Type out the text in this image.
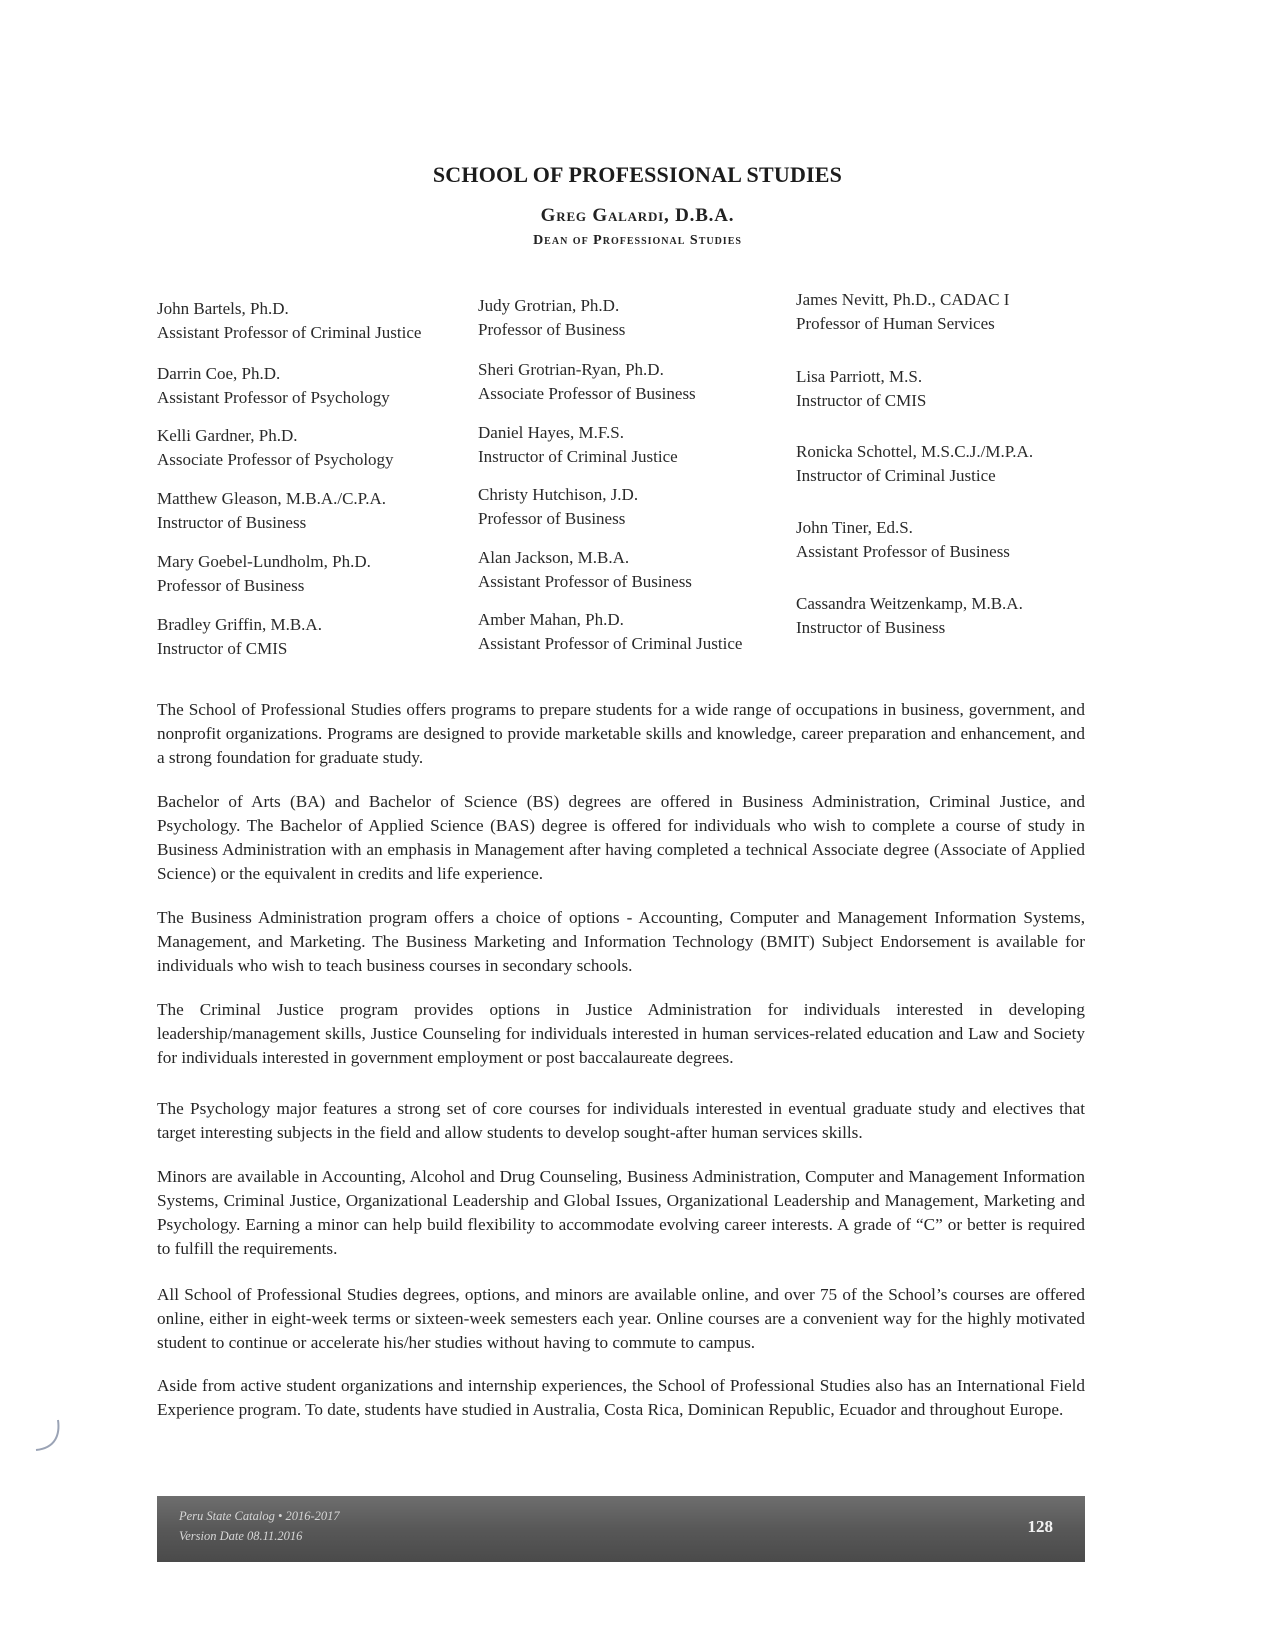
SCHOOL OF PROFESSIONAL STUDIES
Greg Galardi, D.B.A.
Dean of Professional Studies
John Bartels, Ph.D.
Assistant Professor of Criminal Justice
Darrin Coe, Ph.D.
Assistant Professor of Psychology
Kelli Gardner, Ph.D.
Associate Professor of Psychology
Matthew Gleason, M.B.A./C.P.A.
Instructor of Business
Mary Goebel-Lundholm, Ph.D.
Professor of Business
Bradley Griffin, M.B.A.
Instructor of CMIS
Judy Grotrian, Ph.D.
Professor of Business
Sheri Grotrian-Ryan, Ph.D.
Associate Professor of Business
Daniel Hayes, M.F.S.
Instructor of Criminal Justice
Christy Hutchison, J.D.
Professor of Business
Alan Jackson, M.B.A.
Assistant Professor of Business
Amber Mahan, Ph.D.
Assistant Professor of Criminal Justice
James Nevitt, Ph.D., CADAC I
Professor of Human Services
Lisa Parriott, M.S.
Instructor of CMIS
Ronicka Schottel, M.S.C.J./M.P.A.
Instructor of Criminal Justice
John Tiner, Ed.S.
Assistant Professor of Business
Cassandra Weitzenkamp, M.B.A.
Instructor of Business

The School of Professional Studies offers programs to prepare students for a wide range of occupations in business, government, and nonprofit organizations. Programs are designed to provide marketable skills and knowledge, career preparation and enhancement, and a strong foundation for graduate study.

Bachelor of Arts (BA) and Bachelor of Science (BS) degrees are offered in Business Administration, Criminal Justice, and Psychology. The Bachelor of Applied Science (BAS) degree is offered for individuals who wish to complete a course of study in Business Administration with an emphasis in Management after having completed a technical Associate degree (Associate of Applied Science) or the equivalent in credits and life experience.

The Business Administration program offers a choice of options - Accounting, Computer and Management Information Systems, Management, and Marketing. The Business Marketing and Information Technology (BMIT) Subject Endorsement is available for individuals who wish to teach business courses in secondary schools.

The Criminal Justice program provides options in Justice Administration for individuals interested in developing leadership/management skills, Justice Counseling for individuals interested in human services-related education and Law and Society for individuals interested in government employment or post baccalaureate degrees.

The Psychology major features a strong set of core courses for individuals interested in eventual graduate study and electives that target interesting subjects in the field and allow students to develop sought-after human services skills.

Minors are available in Accounting, Alcohol and Drug Counseling, Business Administration, Computer and Management Information Systems, Criminal Justice, Organizational Leadership and Global Issues, Organizational Leadership and Management, Marketing and Psychology. Earning a minor can help build flexibility to accommodate evolving career interests. A grade of “C” or better is required to fulfill the requirements.

All School of Professional Studies degrees, options, and minors are available online, and over 75 of the School’s courses are offered online, either in eight-week terms or sixteen-week semesters each year. Online courses are a convenient way for the highly motivated student to continue or accelerate his/her studies without having to commute to campus.

Aside from active student organizations and internship experiences, the School of Professional Studies also has an International Field Experience program. To date, students have studied in Australia, Costa Rica, Dominican Republic, Ecuador and throughout Europe.

Peru State Catalog • 2016-2017
Version Date 08.11.2016	128
